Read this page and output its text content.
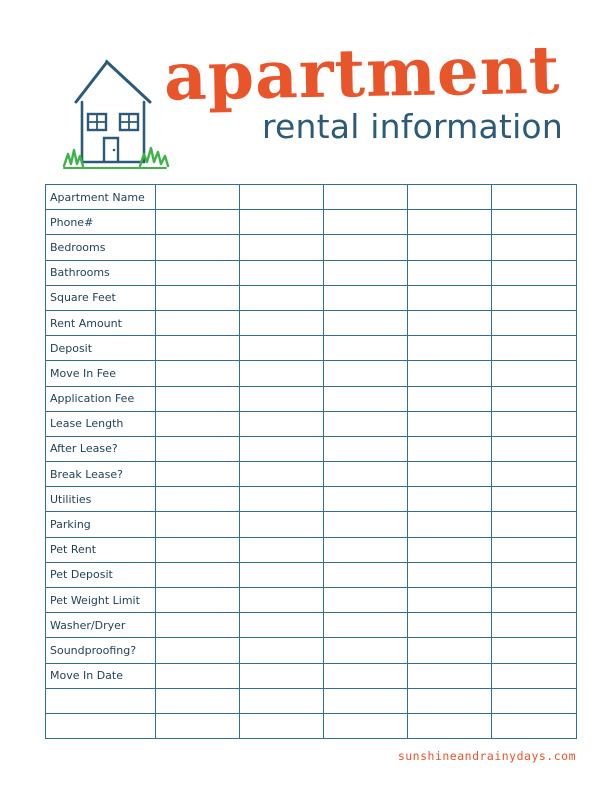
apartment
rental information
Apartment Name					
Phone#					
Bedrooms					
Bathrooms					
Square Feet					
Rent Amount					
Deposit					
Move In Fee					
Application Fee					
Lease Length					
After Lease?					
Break Lease?					
Utilities					
Parking					
Pet Rent					
Pet Deposit					
Pet Weight Limit					
Washer/Dryer					
Soundproofing?					
Move In Date					

sunshineandrainydays.com
